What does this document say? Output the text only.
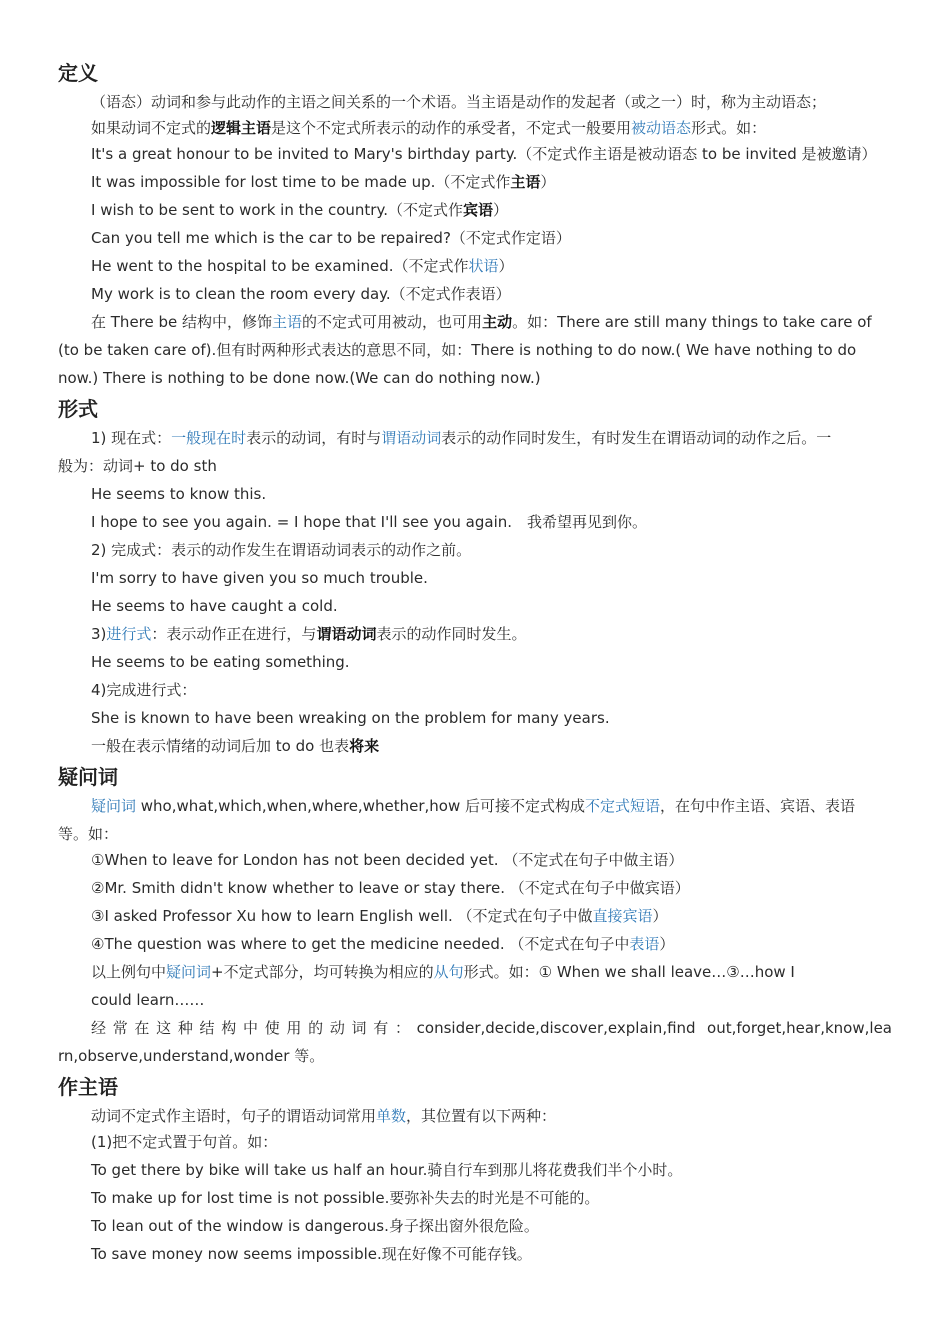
定义

（语态）动词和参与此动作的主语之间关系的一个术语。当主语是动作的发起者（或之一）时，称为主动语态；

如果动词不定式的逻辑主语是这个不定式所表示的动作的承受者，不定式一般要用被动语态形式。如：

It's a great honour to be invited to Mary's birthday party.（不定式作主语是被动语态 to be invited 是被邀请）

It was impossible for lost time to be made up.（不定式作主语）

I wish to be sent to work in the country.（不定式作宾语）

Can you tell me which is the car to be repaired?（不定式作定语）

He went to the hospital to be examined.（不定式作状语）

My work is to clean the room every day.（不定式作表语）

在 There be 结构中，修饰主语的不定式可用被动，也可用主动。如：There are still many things to take care of

(to be taken care of).但有时两种形式表达的意思不同，如：There is nothing to do now.( We have nothing to do

now.) There is nothing to be done now.(We can do nothing now.)

形式

1) 现在式：一般现在时表示的动词，有时与谓语动词表示的动作同时发生，有时发生在谓语动词的动作之后。一

般为：动词+ to do sth

He seems to know this.

I hope to see you again. = I hope that I'll see you again.　我希望再见到你。

2) 完成式：表示的动作发生在谓语动词表示的动作之前。

I'm sorry to have given you so much trouble.

He seems to have caught a cold.

3)进行式：表示动作正在进行，与谓语动词表示的动作同时发生。

He seems to be eating something.

4)完成进行式：

She is known to have been wreaking on the problem for many years.

一般在表示情绪的动词后加 to do 也表将来

疑问词

疑问词 who,what,which,when,where,whether,how 后可接不定式构成不定式短语，在句中作主语、宾语、表语

等。如：

①When to leave for London has not been decided yet. （不定式在句子中做主语）

②Mr. Smith didn't know whether to leave or stay there. （不定式在句子中做宾语）

③I asked Professor Xu how to learn English well. （不定式在句子中做直接宾语）

④The question was where to get the medicine needed. （不定式在句子中表语）

以上例句中疑问词+不定式部分，均可转换为相应的从句形式。如：① When we shall leave…③…how I

could learn……

经常在这种结构中使用的动词有：consider,decide,discover,explain,find out,forget,hear,know,lea

rn,observe,understand,wonder 等。

作主语

动词不定式作主语时，句子的谓语动词常用单数，其位置有以下两种：

(1)把不定式置于句首。如：

To get there by bike will take us half an hour.骑自行车到那儿将花费我们半个小时。

To make up for lost time is not possible.要弥补失去的时光是不可能的。

To lean out of the window is dangerous.身子探出窗外很危险。

To save money now seems impossible.现在好像不可能存钱。
